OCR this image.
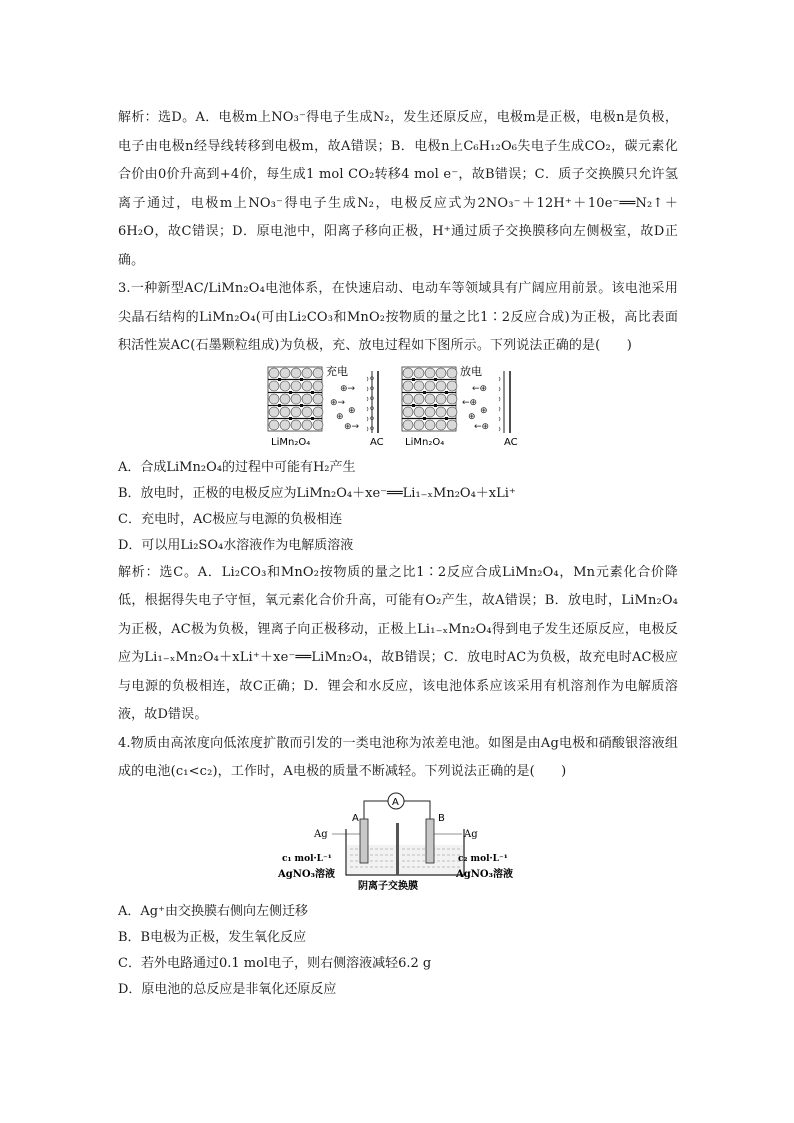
解析：选D。A．电极m上NO₃⁻得电子生成N₂，发生还原反应，电极m是正极，电极n是负极，电子由电极n经导线转移到电极m，故A错误；B．电极n上C₆H₁₂O₆失电子生成CO₂，碳元素化合价由0价升高到+4价，每生成1 mol CO₂转移4 mol e⁻，故B错误；C．质子交换膜只允许氢离子通过，电极m上NO₃⁻得电子生成N₂，电极反应式为2NO₃⁻＋12H⁺＋10e⁻══N₂↑＋6H₂O，故C错误；D．原电池中，阳离子移向正极，H⁺通过质子交换膜移向左侧极室，故D正确。

3.一种新型AC/LiMn₂O₄电池体系，在快速启动、电动车等领域具有广阔应用前景。该电池采用尖晶石结构的LiMn₂O₄(可由Li₂CO₃和MnO₂按物质的量之比1∶2反应合成)为正极，高比表面积活性炭AC(石墨颗粒组成)为负极，充、放电过程如下图所示。下列说法正确的是(　　)

充电
⊕→
⊕→
⊕
⊕
⊕→
φ
φ
φ
φ
φ
φ
LiMn₂O₄	AC
放电
←⊕
←⊕
⊕
⊕
←⊕
LiMn₂O₄	AC

A．合成LiMn₂O₄的过程中可能有H₂产生

B．放电时，正极的电极反应为LiMn₂O₄＋xe⁻══Li₁₋ₓMn₂O₄＋xLi⁺

C．充电时，AC极应与电源的负极相连

D．可以用Li₂SO₄水溶液作为电解质溶液

解析：选C。A．Li₂CO₃和MnO₂按物质的量之比1∶2反应合成LiMn₂O₄，Mn元素化合价降低，根据得失电子守恒，氧元素化合价升高，可能有O₂产生，故A错误；B．放电时，LiMn₂O₄为正极，AC极为负极，锂离子向正极移动，正极上Li₁₋ₓMn₂O₄得到电子发生还原反应，电极反应为Li₁₋ₓMn₂O₄＋xLi⁺＋xe⁻══LiMn₂O₄，故B错误；C．放电时AC为负极，故充电时AC极应与电源的负极相连，故C正确；D．锂会和水反应，该电池体系应该采用有机溶剂作为电解质溶液，故D错误。

4.物质由高浓度向低浓度扩散而引发的一类电池称为浓差电池。如图是由Ag电极和硝酸银溶液组成的电池(c₁<c₂)，工作时，A电极的质量不断减轻。下列说法正确的是(　　)

A
A	B
Ag	Ag
c₁ mol·L⁻¹	c₂ mol·L⁻¹
AgNO₃溶液	AgNO₃溶液
阴离子交换膜

A．Ag⁺由交换膜右侧向左侧迁移

B．B电极为正极，发生氧化反应

C．若外电路通过0.1 mol电子，则右侧溶液减轻6.2 g

D．原电池的总反应是非氧化还原反应
